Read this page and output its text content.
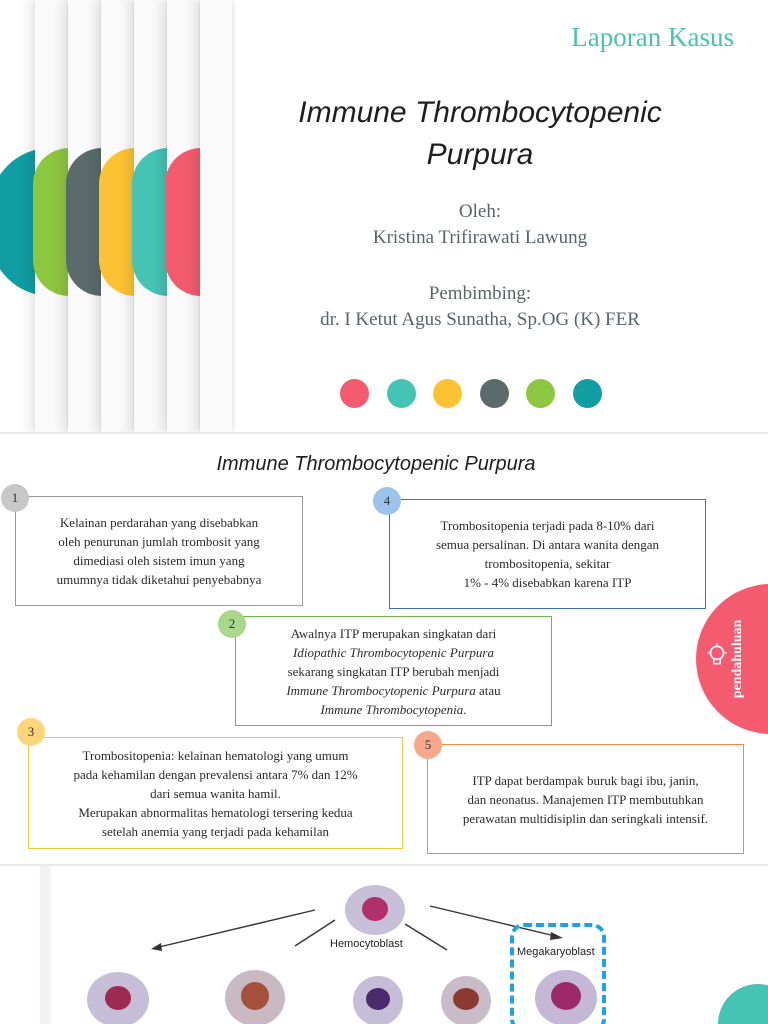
Laporan Kasus
Immune Thrombocytopenic
Purpura
Oleh:
Kristina Trifirawati Lawung
Pembimbing:
dr. I Ketut Agus Sunatha, Sp.OG (K) FER
Immune Thrombocytopenic Purpura
Kelainan perdarahan yang disebabkan
oleh penurunan jumlah trombosit yang
dimediasi oleh sistem imun yang
umumnya tidak diketahui penyebabnya
1
Trombositopenia terjadi pada 8-10% dari
semua persalinan. Di antara wanita dengan
trombositopenia, sekitar
1% - 4% disebabkan karena ITP
4
Awalnya ITP merupakan singkatan dari
Idiopathic Thrombocytopenic Purpura
sekarang singkatan ITP berubah menjadi
Immune Thrombocytopenic Purpura atau
Immune Thrombocytopenia.
2
Trombositopenia: kelainan hematologi yang umum
pada kehamilan dengan prevalensi antara 7% dan 12%
dari semua wanita hamil.
Merupakan abnormalitas hematologi tersering kedua
setelah anemia yang terjadi pada kehamilan
3
ITP dapat berdampak buruk bagi ibu, janin,
dan neonatus. Manajemen ITP membutuhkan
perawatan multidisiplin dan seringkali intensif.
5
pendahuluan
Hemocytoblast
Megakaryoblast
